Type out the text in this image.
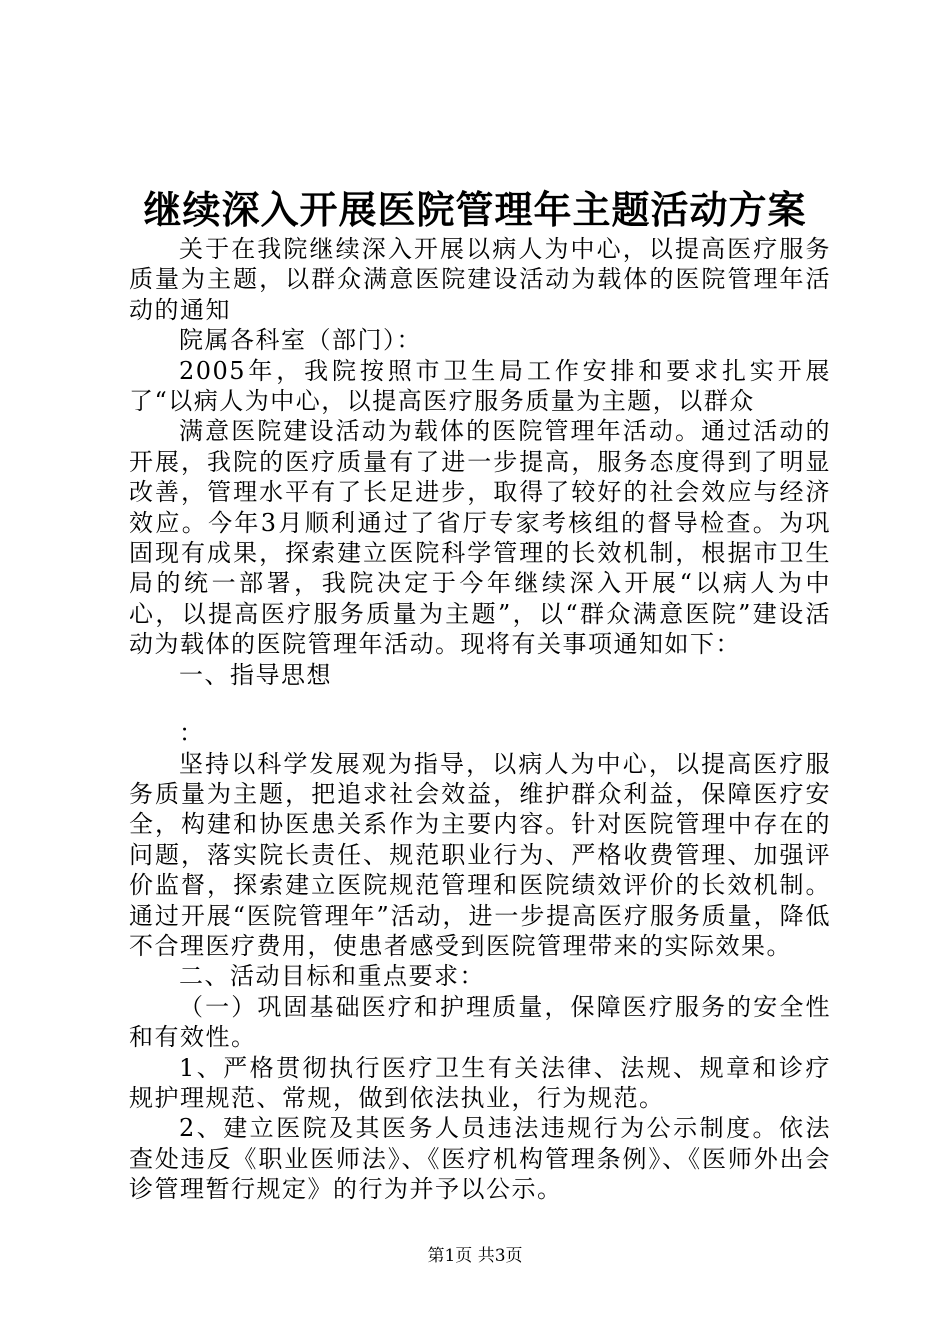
继续深入开展医院管理年主题活动方案

关于在我院继续深入开展以病人为中心，以提高医疗服务质量为主题，以群众满意医院建设活动为载体的医院管理年活动的通知

院属各科室（部门）：

2005年，我院按照市卫生局工作安排和要求扎实开展了“以病人为中心，以提高医疗服务质量为主题，以群众

满意医院建设活动为载体的医院管理年活动。通过活动的开展，我院的医疗质量有了进一步提高，服务态度得到了明显改善，管理水平有了长足进步，取得了较好的社会效应与经济效应。今年3月顺利通过了省厅专家考核组的督导检查。为巩固现有成果，探索建立医院科学管理的长效机制，根据市卫生局的统一部署，我院决定于今年继续深入开展“以病人为中心，以提高医疗服务质量为主题”，以“群众满意医院”建设活动为载体的医院管理年活动。现将有关事项通知如下：

一、指导思想

：

坚持以科学发展观为指导，以病人为中心，以提高医疗服务质量为主题，把追求社会效益，维护群众利益，保障医疗安全，构建和协医患关系作为主要内容。针对医院管理中存在的问题，落实院长责任、规范职业行为、严格收费管理、加强评价监督，探索建立医院规范管理和医院绩效评价的长效机制。通过开展“医院管理年”活动，进一步提高医疗服务质量，降低不合理医疗费用，使患者感受到医院管理带来的实际效果。

二、活动目标和重点要求：

（一）巩固基础医疗和护理质量，保障医疗服务的安全性和有效性。

1、严格贯彻执行医疗卫生有关法律、法规、规章和诊疗规护理规范、常规，做到依法执业，行为规范。

2、建立医院及其医务人员违法违规行为公示制度。依法查处违反《职业医师法》、《医疗机构管理条例》、《医师外出会诊管理暂行规定》的行为并予以公示。

第1页 共3页
